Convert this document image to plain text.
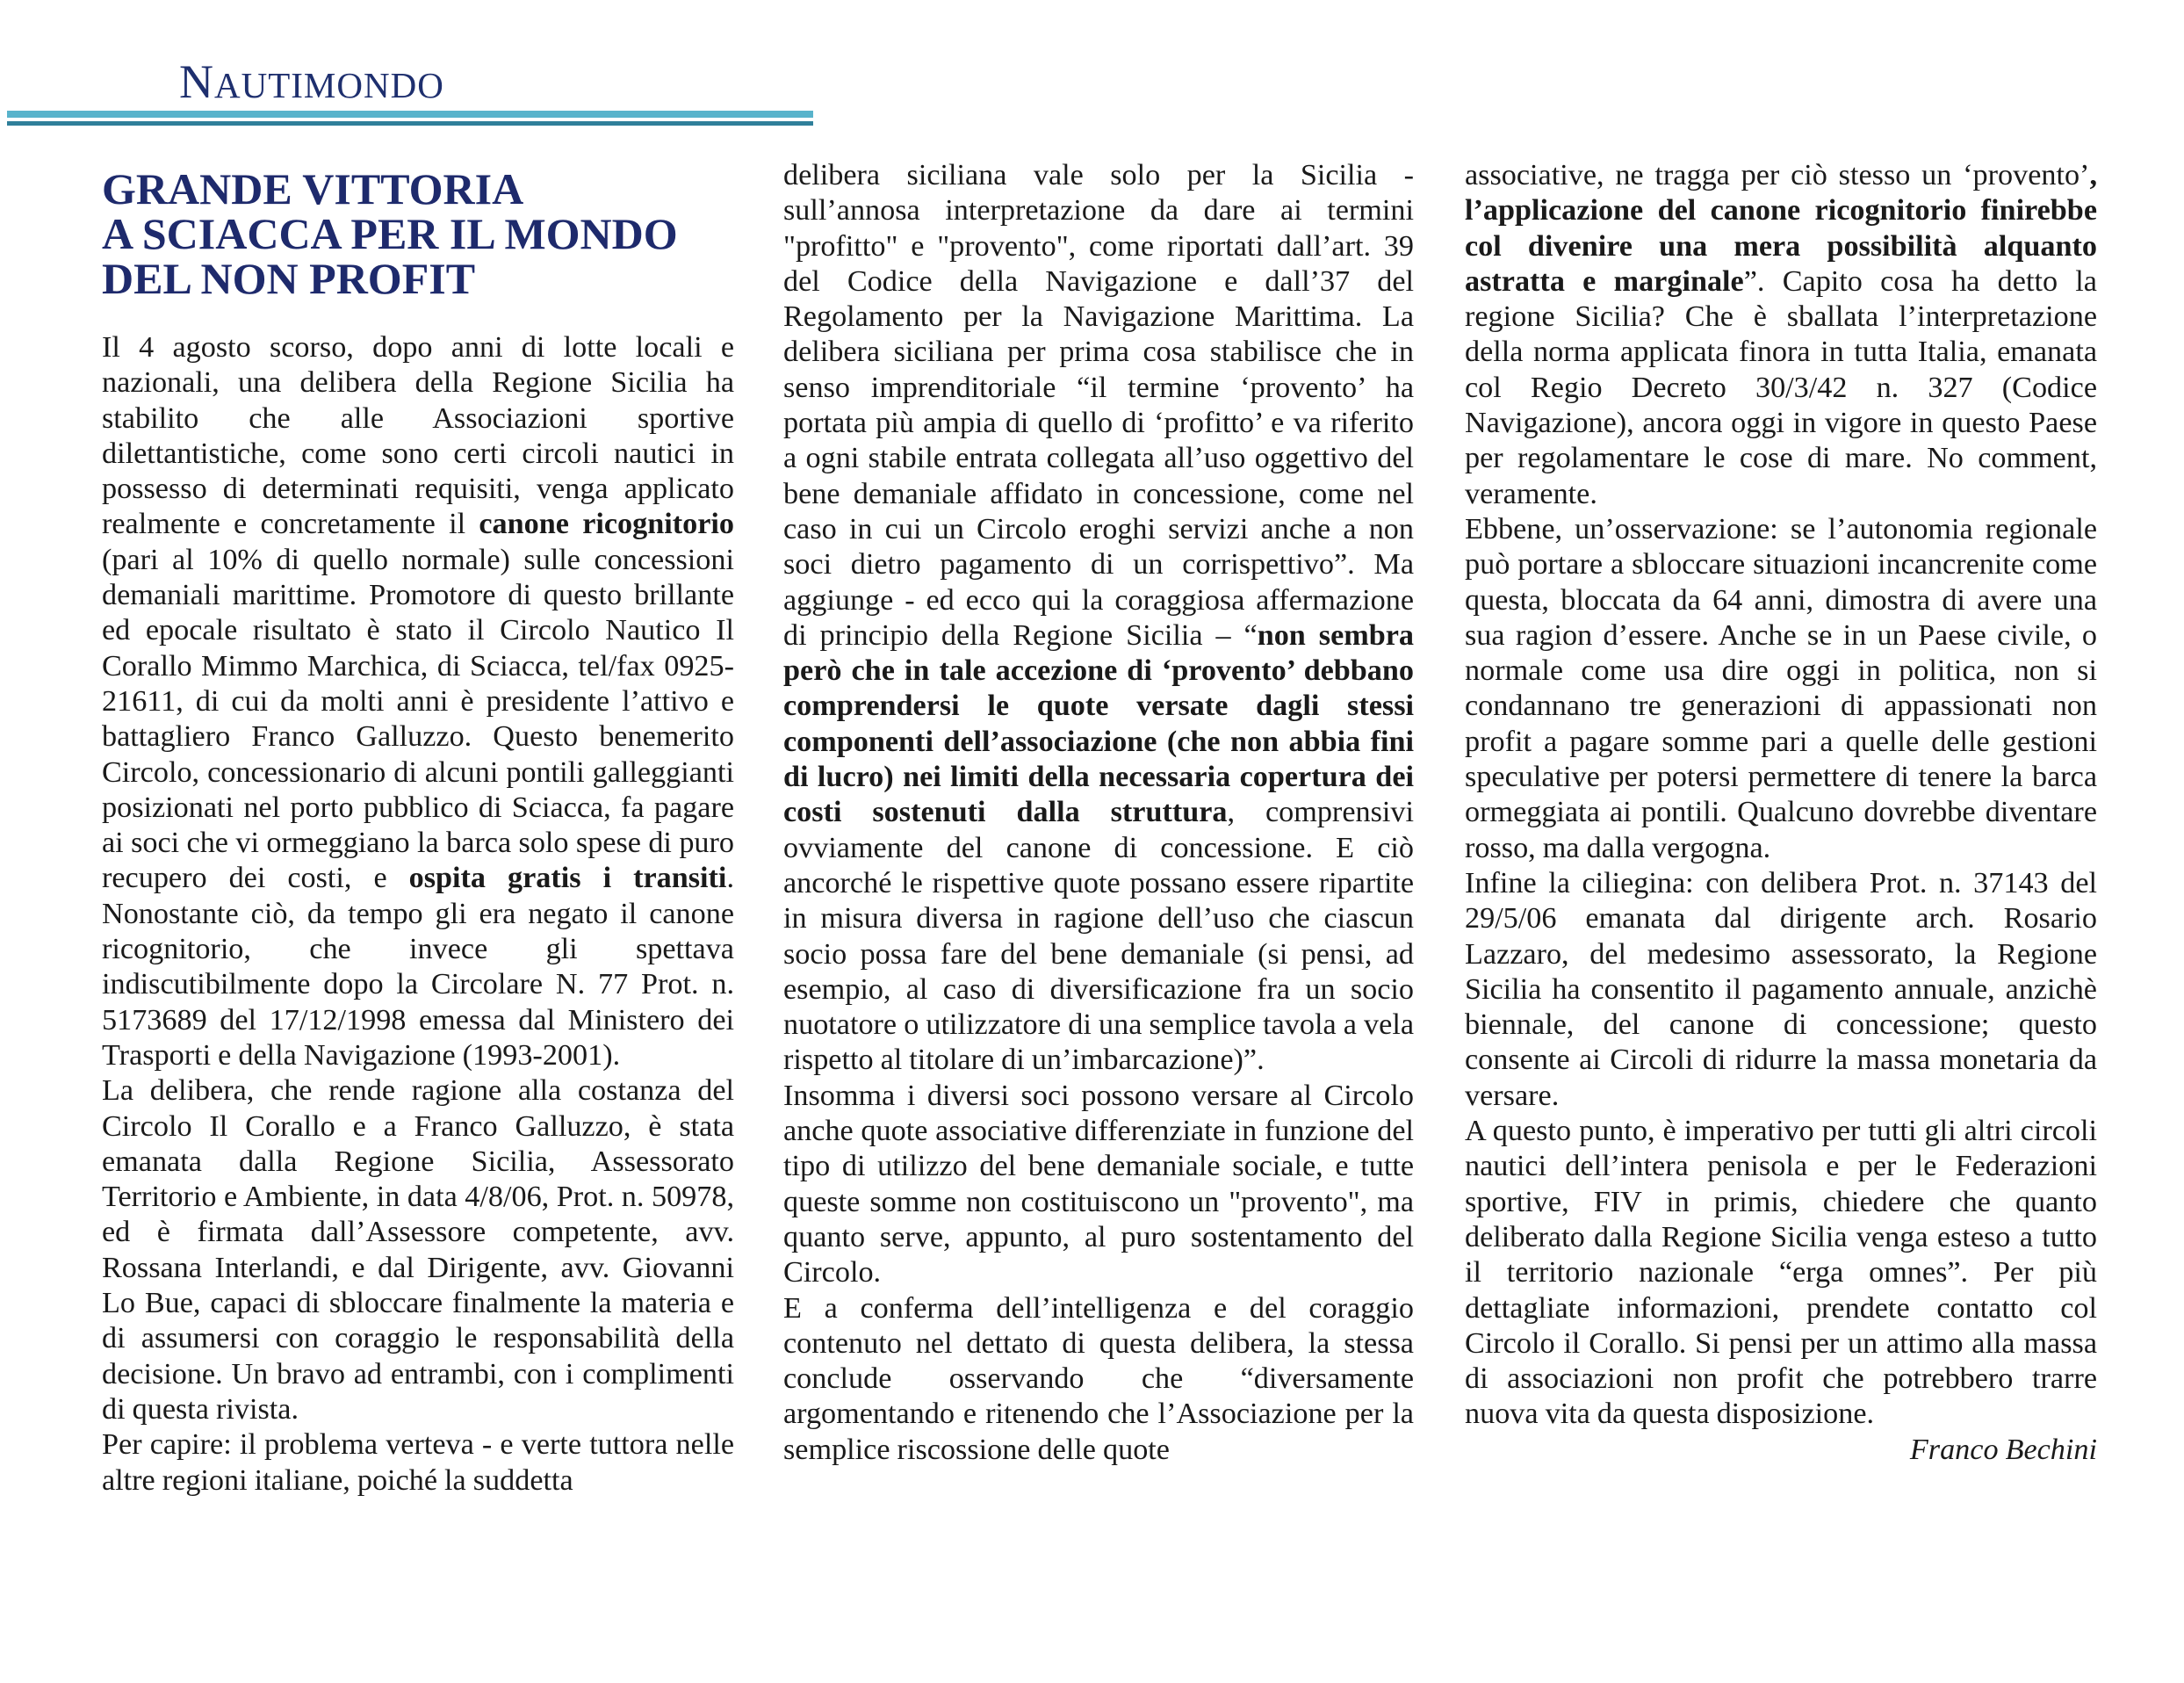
NAUTIMONDO
GRANDE VITTORIA
A SCIACCA PER IL MONDO
DEL NON PROFIT

Il 4 agosto scorso, dopo anni di lotte locali e nazionali, una delibera della Regione Sicilia ha stabilito che alle Associazioni sportive dilettantistiche, come sono certi circoli nautici in possesso di determinati requisiti, venga applicato realmente e concretamente il canone ricognitorio (pari al 10% di quello normale) sulle concessioni demaniali marittime. Promotore di questo brillante ed epocale risultato è stato il Circolo Nautico Il Corallo Mimmo Marchica, di Sciacca, tel/fax 0925-21611, di cui da molti anni è presidente l’attivo e battagliero Franco Galluzzo. Questo benemerito Circolo, concessionario di alcuni pontili galleggianti posizionati nel porto pubblico di Sciacca, fa pagare ai soci che vi ormeggiano la barca solo spese di puro recupero dei costi, e ospita gratis i transiti. Nonostante ciò, da tempo gli era negato il canone ricognitorio, che invece gli spettava indiscutibilmente dopo la Circolare N. 77 Prot. n. 5173689 del 17/12/1998 emessa dal Ministero dei Trasporti e della Navigazione (1993-2001).

La delibera, che rende ragione alla costanza del Circolo Il Corallo e a Franco Galluzzo, è stata emanata dalla Regione Sicilia, Assessorato Territorio e Ambiente, in data 4/8/06, Prot. n. 50978, ed è firmata dall’Assessore competente, avv. Rossana Interlandi, e dal Dirigente, avv. Giovanni Lo Bue, capaci di sbloccare finalmente la materia e di assumersi con coraggio le responsabilità della decisione. Un bravo ad entrambi, con i complimenti di questa rivista.

Per capire: il problema verteva - e verte tuttora nelle altre regioni italiane, poiché la suddetta

delibera siciliana vale solo per la Sicilia - sull’annosa interpretazione da dare ai termini "profitto" e "provento", come riportati dall’art. 39 del Codice della Navigazione e dall’37 del Regolamento per la Navigazione Marittima. La delibera siciliana per prima cosa stabilisce che in senso imprenditoriale “il termine ‘provento’ ha portata più ampia di quello di ‘profitto’ e va riferito a ogni stabile entrata collegata all’uso oggettivo del bene demaniale affidato in concessione, come nel caso in cui un Circolo eroghi servizi anche a non soci dietro pagamento di un corrispettivo”. Ma aggiunge - ed ecco qui la coraggiosa affermazione di principio della Regione Sicilia – “non sembra però che in tale accezione di ‘provento’ debbano comprendersi le quote versate dagli stessi componenti dell’associazione (che non abbia fini di lucro) nei limiti della necessaria copertura dei costi sostenuti dalla struttura, comprensivi ovviamente del canone di concessione. E ciò ancorché le rispettive quote possano essere ripartite in misura diversa in ragione dell’uso che ciascun socio possa fare del bene demaniale (si pensi, ad esempio, al caso di diversificazione fra un socio nuotatore o utilizzatore di una semplice tavola a vela rispetto al titolare di un’imbarcazione)”.

Insomma i diversi soci possono versare al Circolo anche quote associative differenziate in funzione del tipo di utilizzo del bene demaniale sociale, e tutte queste somme non costituiscono un "provento", ma quanto serve, appunto, al puro sostentamento del Circolo.

E a conferma dell’intelligenza e del coraggio contenuto nel dettato di questa delibera, la stessa conclude osservando che “diversamente argomentando e ritenendo che l’Associazione per la semplice riscossione delle quote

associative, ne tragga per ciò stesso un ‘provento’, l’applicazione del canone ricognitorio finirebbe col divenire una mera possibilità alquanto astratta e marginale”. Capito cosa ha detto la regione Sicilia? Che è sballata l’interpretazione della norma applicata finora in tutta Italia, emanata col Regio Decreto 30/3/42 n. 327 (Codice Navigazione), ancora oggi in vigore in questo Paese per regolamentare le cose di mare. No comment, veramente.

Ebbene, un’osservazione: se l’autonomia regionale può portare a sbloccare situazioni incancrenite come questa, bloccata da 64 anni, dimostra di avere una sua ragion d’essere. Anche se in un Paese civile, o normale come usa dire oggi in politica, non si condannano tre generazioni di appassionati non profit a pagare somme pari a quelle delle gestioni speculative per potersi permettere di tenere la barca ormeggiata ai pontili. Qualcuno dovrebbe diventare rosso, ma dalla vergogna.

Infine la ciliegina: con delibera Prot. n. 37143 del 29/5/06 emanata dal dirigente arch. Rosario Lazzaro, del medesimo assessorato, la Regione Sicilia ha consentito il pagamento annuale, anzichè biennale, del canone di concessione; questo consente ai Circoli di ridurre la massa monetaria da versare.

A questo punto, è imperativo per tutti gli altri circoli nautici dell’intera penisola e per le Federazioni sportive, FIV in primis, chiedere che quanto deliberato dalla Regione Sicilia venga esteso a tutto il territorio nazionale “erga omnes”. Per più dettagliate informazioni, prendete contatto col Circolo il Corallo. Si pensi per un attimo alla massa di associazioni non profit che potrebbero trarre nuova vita da questa disposizione.

Franco Bechini
